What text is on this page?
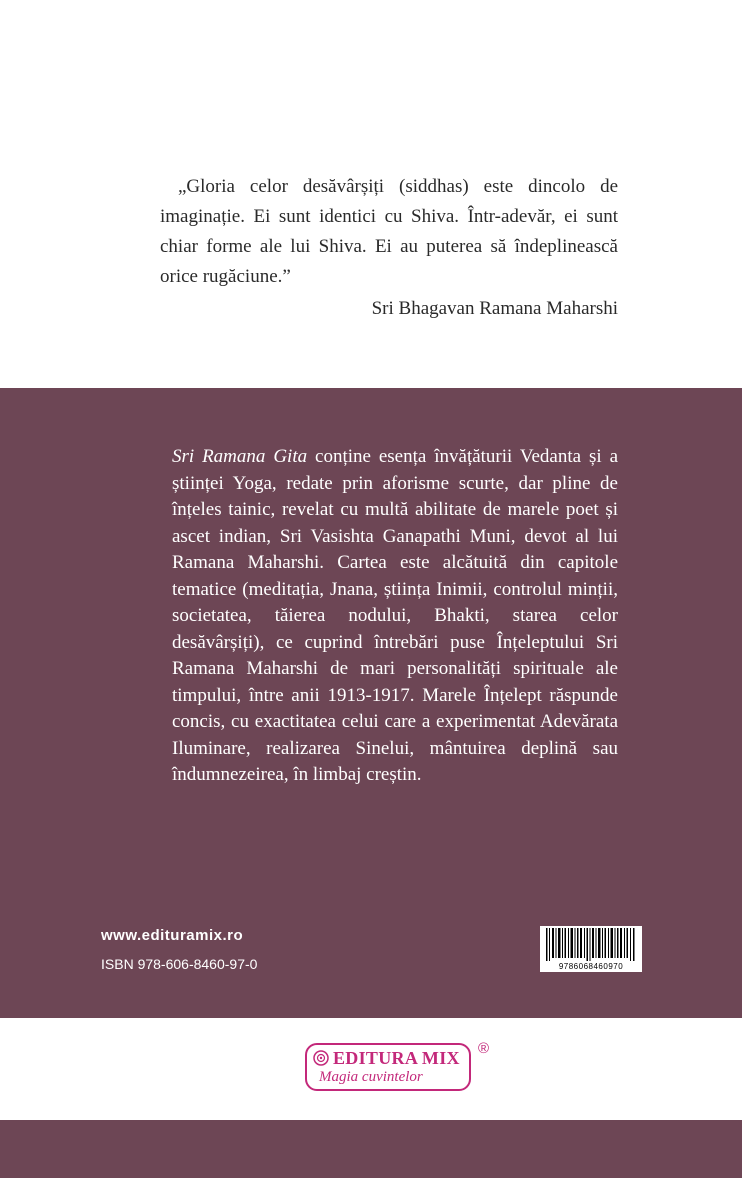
„Gloria celor desăvârșiți (siddhas) este dincolo de imaginație. Ei sunt identici cu Shiva. Într-adevăr, ei sunt chiar forme ale lui Shiva. Ei au puterea să îndeplinească orice rugăciune.”

Sri Bhagavan Ramana Maharshi

Sri Ramana Gita conține esența învățăturii Vedanta și a științei Yoga, redate prin aforisme scurte, dar pline de înțeles tainic, revelat cu multă abilitate de marele poet și ascet indian, Sri Vasishta Ganapathi Muni, devot al lui Ramana Maharshi. Cartea este alcătuită din capitole tematice (meditația, Jnana, știința Inimii, controlul minții, societatea, tăierea nodului, Bhakti, starea celor desăvârșiți), ce cuprind întrebări puse Înțeleptului Sri Ramana Maharshi de mari personalități spirituale ale timpului, între anii 1913-1917. Marele Înțelept răspunde concis, cu exactitatea celui care a experimentat Adevărata Iluminare, realizarea Sinelui, mântuirea deplină sau îndumnezeirea, în limbaj creștin.

www.edituramix.ro
ISBN 978-606-8460-97-0	9786068460970
EDITURA MIX
Magia cuvintelor
®
